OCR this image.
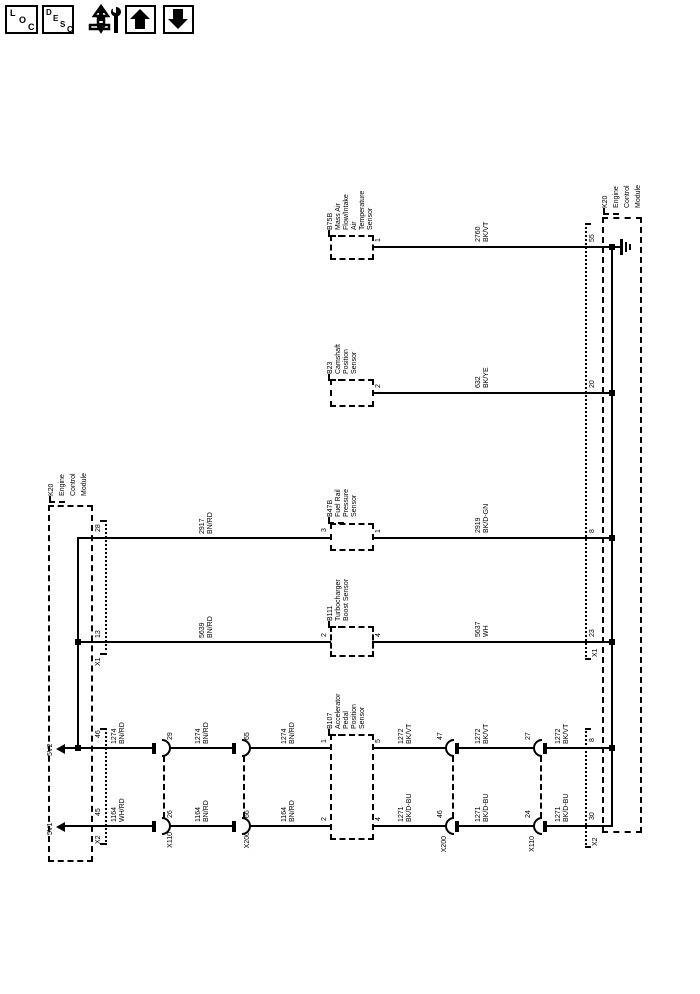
L
O
C
D
E
S
C
K20 Engine Control Module
5V2
5V1
X1
X2
28
13
46
45 1164 WH/RD
1274 BN/RD
1164 BN/RD
1274 BN/RD
1164 BN/RD
1274 BN/RD
5639 BN/RD
2917 BN/RD
26
29
X110
66
65
X200
B75B Mass Air Flow/Intake Air Temperature Sensor
B23 Camshaft Position Sensor
B47B Fuel Rail Pressure Sensor
B111 Turbocharger Boost Sensor
B107 Accelerator Pedal Position Sensor
3
2
1
2
1
2
1
4
5
4
2760 BK/VT
632 BK/YE
2919 BK/D-GN
5637 WH
1272 BK/VT
1271 BK/D-BU
1272 BK/VT
1271 BK/D-BU
1272 BK/VT
1271 BK/D-BU
46
47
X200
24
27
X110
X1
X2
55
20
8
23
8
30
K20 Engine Control Module
